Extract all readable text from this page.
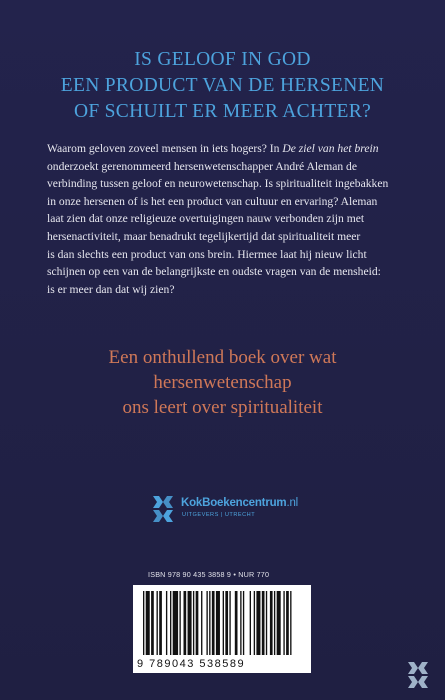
IS GELOOF IN GOD
EEN PRODUCT VAN DE HERSENEN
OF SCHUILT ER MEER ACHTER?
Waarom geloven zoveel mensen in iets hogers? In De ziel van het brein
onderzoekt gerenommeerd hersenwetenschapper André Aleman de
verbinding tussen geloof en neurowetenschap. Is spiritualiteit ingebakken
in onze hersenen of is het een product van cultuur en ervaring? Aleman
laat zien dat onze religieuze overtuigingen nauw verbonden zijn met
hersenactiviteit, maar benadrukt tegelijkertijd dat spiritualiteit meer
is dan slechts een product van ons brein. Hiermee laat hij nieuw licht
schijnen op een van de belangrijkste en oudste vragen van de mensheid:
is er meer dan dat wij zien?
Een onthullend boek over wat
hersenwetenschap
ons leert over spiritualiteit
KokBoekencentrum.nl
UITGEVERS | UTRECHT
ISBN 978 90 435 3858 9 • NUR 770
9 789043 538589
